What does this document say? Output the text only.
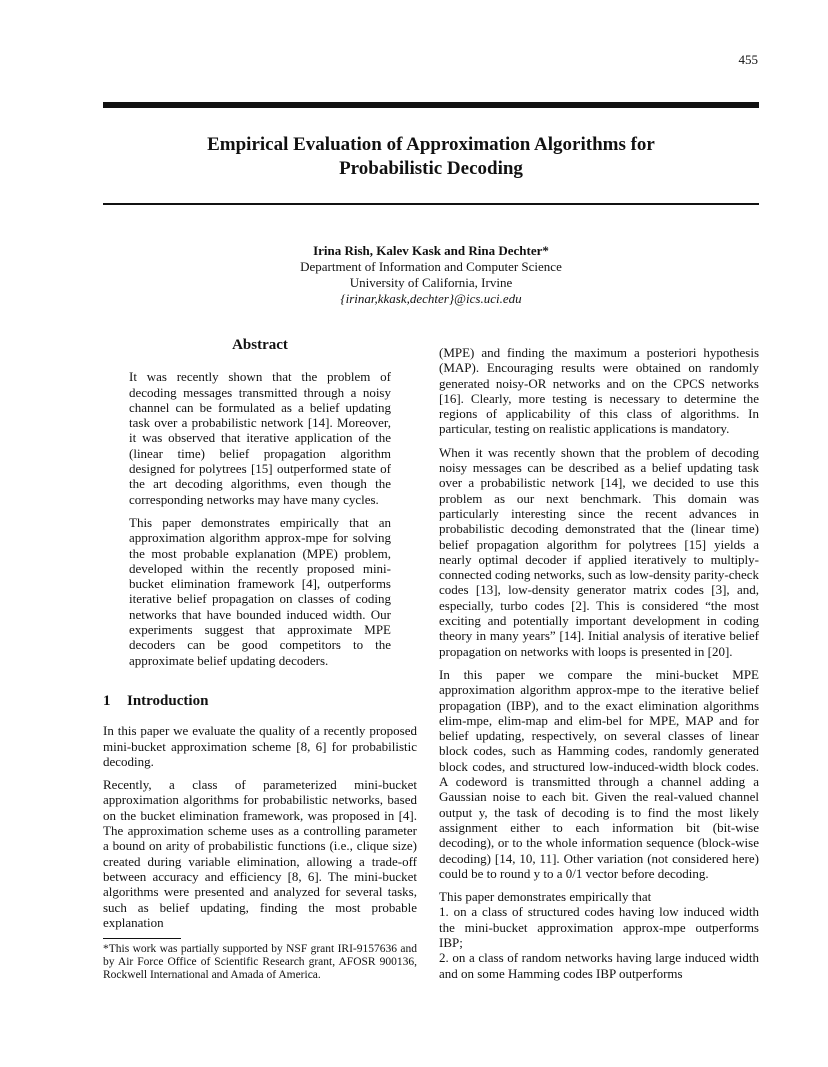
455
Empirical Evaluation of Approximation Algorithms for
Probabilistic Decoding
Irina Rish, Kalev Kask and Rina Dechter*
Department of Information and Computer Science
University of California, Irvine
{irinar,kkask,dechter}@ics.uci.edu
Abstract

It was recently shown that the problem of decoding messages transmitted through a noisy channel can be formulated as a belief updating task over a probabilistic network [14]. Moreover, it was observed that iterative application of the (linear time) belief propagation algorithm designed for polytrees [15] outperformed state of the art decoding algorithms, even though the corresponding networks may have many cycles.

This paper demonstrates empirically that an approximation algorithm approx-mpe for solving the most probable explanation (MPE) problem, developed within the recently proposed mini-bucket elimination framework [4], outperforms iterative belief propagation on classes of coding networks that have bounded induced width. Our experiments suggest that approximate MPE decoders can be good competitors to the approximate belief updating decoders.

1 Introduction

In this paper we evaluate the quality of a recently proposed mini-bucket approximation scheme [8, 6] for probabilistic decoding.

Recently, a class of parameterized mini-bucket approximation algorithms for probabilistic networks, based on the bucket elimination framework, was proposed in [4]. The approximation scheme uses as a controlling parameter a bound on arity of probabilistic functions (i.e., clique size) created during variable elimination, allowing a trade-off between accuracy and efficiency [8, 6]. The mini-bucket algorithms were presented and analyzed for several tasks, such as belief updating, finding the most probable explanation

*This work was partially supported by NSF grant IRI-9157636 and by Air Force Office of Scientific Research grant, AFOSR 900136, Rockwell International and Amada of America.

(MPE) and finding the maximum a posteriori hypothesis (MAP). Encouraging results were obtained on randomly generated noisy-OR networks and on the CPCS networks [16]. Clearly, more testing is necessary to determine the regions of applicability of this class of algorithms. In particular, testing on realistic applications is mandatory.

When it was recently shown that the problem of decoding noisy messages can be described as a belief updating task over a probabilistic network [14], we decided to use this problem as our next benchmark. This domain was particularly interesting since the recent advances in probabilistic decoding demonstrated that the (linear time) belief propagation algorithm for polytrees [15] yields a nearly optimal decoder if applied iteratively to multiply-connected coding networks, such as low-density parity-check codes [13], low-density generator matrix codes [3], and, especially, turbo codes [2]. This is considered “the most exciting and potentially important development in coding theory in many years” [14]. Initial analysis of iterative belief propagation on networks with loops is presented in [20].

In this paper we compare the mini-bucket MPE approximation algorithm approx-mpe to the iterative belief propagation (IBP), and to the exact elimination algorithms elim-mpe, elim-map and elim-bel for MPE, MAP and for belief updating, respectively, on several classes of linear block codes, such as Hamming codes, randomly generated block codes, and structured low-induced-width block codes. A codeword is transmitted through a channel adding a Gaussian noise to each bit. Given the real-valued channel output y, the task of decoding is to find the most likely assignment either to each information bit (bit-wise decoding), or to the whole information sequence (block-wise decoding) [14, 10, 11]. Other variation (not considered here) could be to round y to a 0/1 vector before decoding.

This paper demonstrates empirically that
1. on a class of structured codes having low induced width the mini-bucket approximation approx-mpe outperforms IBP;
2. on a class of random networks having large induced width and on some Hamming codes IBP outperforms
